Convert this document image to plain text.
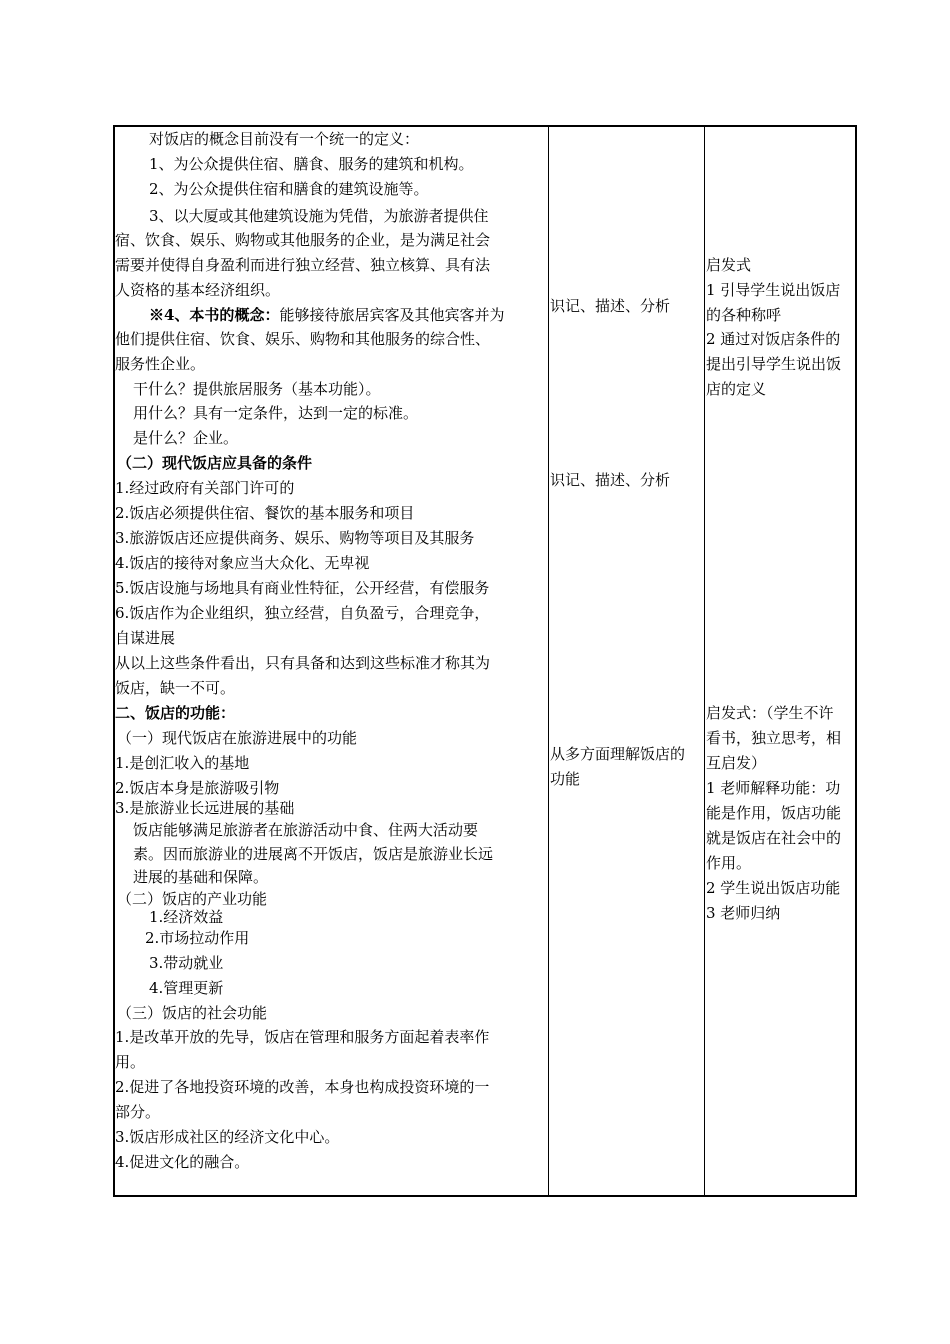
对饭店的概念目前没有一个统一的定义：
1、为公众提供住宿、膳食、服务的建筑和机构。
2、为公众提供住宿和膳食的建筑设施等。
3、以大厦或其他建筑设施为凭借，为旅游者提供住
宿、饮食、娱乐、购物或其他服务的企业，是为满足社会
需要并使得自身盈利而进行独立经营、独立核算、具有法
人资格的基本经济组织。
※4、本书的概念：能够接待旅居宾客及其他宾客并为
他们提供住宿、饮食、娱乐、购物和其他服务的综合性、
服务性企业。
干什么？提供旅居服务（基本功能）。
用什么？具有一定条件，达到一定的标准。
是什么？企业。
（二）现代饭店应具备的条件
1.经过政府有关部门许可的
2.饭店必须提供住宿、餐饮的基本服务和项目
3.旅游饭店还应提供商务、娱乐、购物等项目及其服务
4.饭店的接待对象应当大众化、无卑视
5.饭店设施与场地具有商业性特征，公开经营，有偿服务
6.饭店作为企业组织，独立经营，自负盈亏，合理竞争，
自谋进展
从以上这些条件看出，只有具备和达到这些标准才称其为
饭店，缺一不可。
二、饭店的功能：
（一）现代饭店在旅游进展中的功能
1.是创汇收入的基地
2.饭店本身是旅游吸引物
3.是旅游业长远进展的基础
饭店能够满足旅游者在旅游活动中食、住两大活动要
素。因而旅游业的进展离不开饭店，饭店是旅游业长远
进展的基础和保障。
（二）饭店的产业功能
1.经济效益
2.市场拉动作用
3.带动就业
4.管理更新
（三）饭店的社会功能
1.是改革开放的先导，饭店在管理和服务方面起着表率作
用。
2.促进了各地投资环境的改善，本身也构成投资环境的一
部分。
3.饭店形成社区的经济文化中心。
4.促进文化的融合。
识记、描述、分析
识记、描述、分析
从多方面理解饭店的
功能
启发式
1 引导学生说出饭店
的各种称呼
2 通过对饭店条件的
提出引导学生说出饭
店的定义
启发式：（学生不许
看书，独立思考，相
互启发）
1 老师解释功能：功
能是作用，饭店功能
就是饭店在社会中的
作用。
2 学生说出饭店功能
3 老师归纳
